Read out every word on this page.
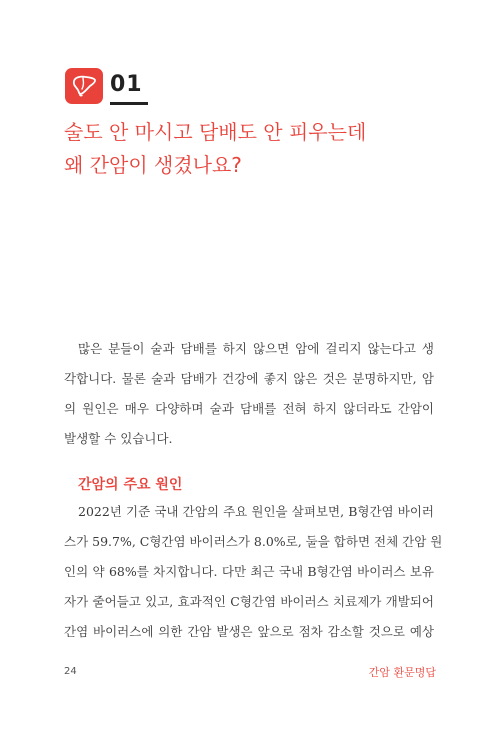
01
술도 안 마시고 담배도 안 피우는데
왜 간암이 생겼나요?

많은 분들이 술과 담배를 하지 않으면 암에 걸리지 않는다고 생
각합니다. 물론 술과 담배가 건강에 좋지 않은 것은 분명하지만, 암
의 원인은 매우 다양하며 술과 담배를 전혀 하지 않더라도 간암이
발생할 수 있습니다.

간암의 주요 원인

2022년 기준 국내 간암의 주요 원인을 살펴보면, B형간염 바이러
스가 59.7%, C형간염 바이러스가 8.0%로, 둘을 합하면 전체 간암 원
인의 약 68%를 차지합니다. 다만 최근 국내 B형간염 바이러스 보유
자가 줄어들고 있고, 효과적인 C형간염 바이러스 치료제가 개발되어
간염 바이러스에 의한 간암 발생은 앞으로 점차 감소할 것으로 예상

24	간암 환문명답
